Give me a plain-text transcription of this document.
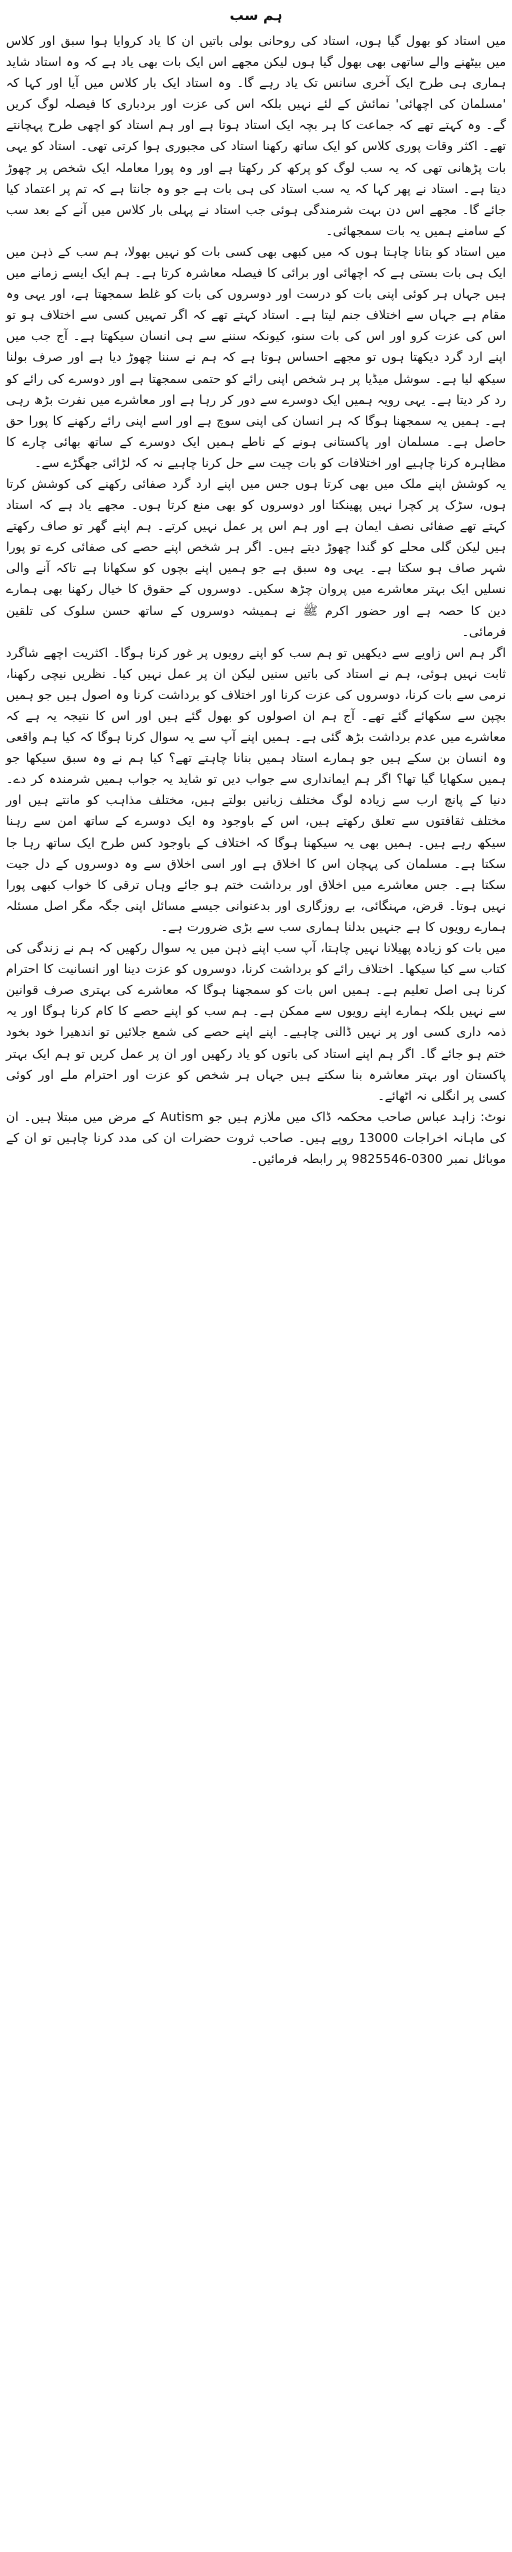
ہم سب

میں استاد کو بھول گیا ہوں، استاد کی روحانی بولی باتیں ان کا یاد کروایا ہوا سبق اور کلاس میں بیٹھنے والے ساتھی بھی بھول گیا ہوں لیکن مجھے اس ایک بات بھی یاد ہے کہ وہ استاد شاید ہماری ہی طرح ایک آخری سانس تک یاد رہے گا۔ وہ استاد ایک بار کلاس میں آیا اور کہا کہ 'مسلمان کی اچھائی' نمائش کے لئے نہیں بلکہ اس کی عزت اور بردباری کا فیصلہ لوگ کریں گے۔ وہ کہتے تھے کہ جماعت کا ہر بچہ ایک استاد ہوتا ہے اور ہم استاد کو اچھی طرح پہچانتے تھے۔ اکثر وقات پوری کلاس کو ایک ساتھ رکھنا استاد کی مجبوری ہوا کرتی تھی۔ استاد کو یہی بات پڑھانی تھی کہ یہ سب لوگ کو پرکھ کر رکھتا ہے اور وہ پورا معاملہ ایک شخص پر چھوڑ دیتا ہے۔ استاد نے پھر کہا کہ یہ سب استاد کی ہی بات ہے جو وہ جانتا ہے کہ تم پر اعتماد کیا جائے گا۔ مجھے اس دن بہت شرمندگی ہوئی جب استاد نے پہلی بار کلاس میں آنے کے بعد سب کے سامنے ہمیں یہ بات سمجھائی۔

میں استاد کو بتانا چاہتا ہوں کہ میں کبھی بھی کسی بات کو نہیں بھولا، ہم سب کے ذہن میں ایک ہی بات بستی ہے کہ اچھائی اور برائی کا فیصلہ معاشرہ کرتا ہے۔ ہم ایک ایسے زمانے میں ہیں جہاں ہر کوئی اپنی بات کو درست اور دوسروں کی بات کو غلط سمجھتا ہے، اور یہی وہ مقام ہے جہاں سے اختلاف جنم لیتا ہے۔ استاد کہتے تھے کہ اگر تمہیں کسی سے اختلاف ہو تو اس کی عزت کرو اور اس کی بات سنو، کیونکہ سننے سے ہی انسان سیکھتا ہے۔ آج جب میں اپنے ارد گرد دیکھتا ہوں تو مجھے احساس ہوتا ہے کہ ہم نے سننا چھوڑ دیا ہے اور صرف بولنا سیکھ لیا ہے۔ سوشل میڈیا پر ہر شخص اپنی رائے کو حتمی سمجھتا ہے اور دوسرے کی رائے کو رد کر دیتا ہے۔ یہی رویہ ہمیں ایک دوسرے سے دور کر رہا ہے اور معاشرے میں نفرت بڑھ رہی ہے۔ ہمیں یہ سمجھنا ہوگا کہ ہر انسان کی اپنی سوچ ہے اور اسے اپنی رائے رکھنے کا پورا حق حاصل ہے۔ مسلمان اور پاکستانی ہونے کے ناطے ہمیں ایک دوسرے کے ساتھ بھائی چارے کا مظاہرہ کرنا چاہیے اور اختلافات کو بات چیت سے حل کرنا چاہیے نہ کہ لڑائی جھگڑے سے۔

یہ کوشش اپنے ملک میں بھی کرتا ہوں جس میں اپنے ارد گرد صفائی رکھنے کی کوشش کرتا ہوں، سڑک پر کچرا نہیں پھینکتا اور دوسروں کو بھی منع کرتا ہوں۔ مجھے یاد ہے کہ استاد کہتے تھے صفائی نصف ایمان ہے اور ہم اس پر عمل نہیں کرتے۔ ہم اپنے گھر تو صاف رکھتے ہیں لیکن گلی محلے کو گندا چھوڑ دیتے ہیں۔ اگر ہر شخص اپنے حصے کی صفائی کرے تو پورا شہر صاف ہو سکتا ہے۔ یہی وہ سبق ہے جو ہمیں اپنے بچوں کو سکھانا ہے تاکہ آنے والی نسلیں ایک بہتر معاشرے میں پروان چڑھ سکیں۔ دوسروں کے حقوق کا خیال رکھنا بھی ہمارے دین کا حصہ ہے اور حضور اکرم ﷺ نے ہمیشہ دوسروں کے ساتھ حسن سلوک کی تلقین فرمائی۔

اگر ہم اس زاویے سے دیکھیں تو ہم سب کو اپنے رویوں پر غور کرنا ہوگا۔ اکثریت اچھے شاگرد ثابت نہیں ہوئی، ہم نے استاد کی باتیں سنیں لیکن ان پر عمل نہیں کیا۔ نظریں نیچی رکھنا، نرمی سے بات کرنا، دوسروں کی عزت کرنا اور اختلاف کو برداشت کرنا وہ اصول ہیں جو ہمیں بچپن سے سکھائے گئے تھے۔ آج ہم ان اصولوں کو بھول گئے ہیں اور اس کا نتیجہ یہ ہے کہ معاشرے میں عدم برداشت بڑھ گئی ہے۔ ہمیں اپنے آپ سے یہ سوال کرنا ہوگا کہ کیا ہم واقعی وہ انسان بن سکے ہیں جو ہمارے استاد ہمیں بنانا چاہتے تھے؟ کیا ہم نے وہ سبق سیکھا جو ہمیں سکھایا گیا تھا؟ اگر ہم ایمانداری سے جواب دیں تو شاید یہ جواب ہمیں شرمندہ کر دے۔ دنیا کے پانچ ارب سے زیادہ لوگ مختلف زبانیں بولتے ہیں، مختلف مذاہب کو مانتے ہیں اور مختلف ثقافتوں سے تعلق رکھتے ہیں، اس کے باوجود وہ ایک دوسرے کے ساتھ امن سے رہنا سیکھ رہے ہیں۔ ہمیں بھی یہ سیکھنا ہوگا کہ اختلاف کے باوجود کس طرح ایک ساتھ رہا جا سکتا ہے۔ مسلمان کی پہچان اس کا اخلاق ہے اور اسی اخلاق سے وہ دوسروں کے دل جیت سکتا ہے۔ جس معاشرے میں اخلاق اور برداشت ختم ہو جائے وہاں ترقی کا خواب کبھی پورا نہیں ہوتا۔ قرض، مہنگائی، بے روزگاری اور بدعنوانی جیسے مسائل اپنی جگہ مگر اصل مسئلہ ہمارے رویوں کا ہے جنہیں بدلنا ہماری سب سے بڑی ضرورت ہے۔

میں بات کو زیادہ پھیلانا نہیں چاہتا، آپ سب اپنے ذہن میں یہ سوال رکھیں کہ ہم نے زندگی کی کتاب سے کیا سیکھا۔ اختلاف رائے کو برداشت کرنا، دوسروں کو عزت دینا اور انسانیت کا احترام کرنا ہی اصل تعلیم ہے۔ ہمیں اس بات کو سمجھنا ہوگا کہ معاشرے کی بہتری صرف قوانین سے نہیں بلکہ ہمارے اپنے رویوں سے ممکن ہے۔ ہم سب کو اپنے حصے کا کام کرنا ہوگا اور یہ ذمہ داری کسی اور پر نہیں ڈالنی چاہیے۔ اپنے اپنے حصے کی شمع جلائیں تو اندھیرا خود بخود ختم ہو جائے گا۔ اگر ہم اپنے استاد کی باتوں کو یاد رکھیں اور ان پر عمل کریں تو ہم ایک بہتر پاکستان اور بہتر معاشرہ بنا سکتے ہیں جہاں ہر شخص کو عزت اور احترام ملے اور کوئی کسی پر انگلی نہ اٹھائے۔

نوٹ: زاہد عباس صاحب محکمہ ڈاک میں ملازم ہیں جو Autism کے مرض میں مبتلا ہیں۔ ان کی ماہانہ اخراجات 13000 روپے ہیں۔ صاحب ثروت حضرات ان کی مدد کرنا چاہیں تو ان کے موبائل نمبر 0300-9825546 پر رابطہ فرمائیں۔
